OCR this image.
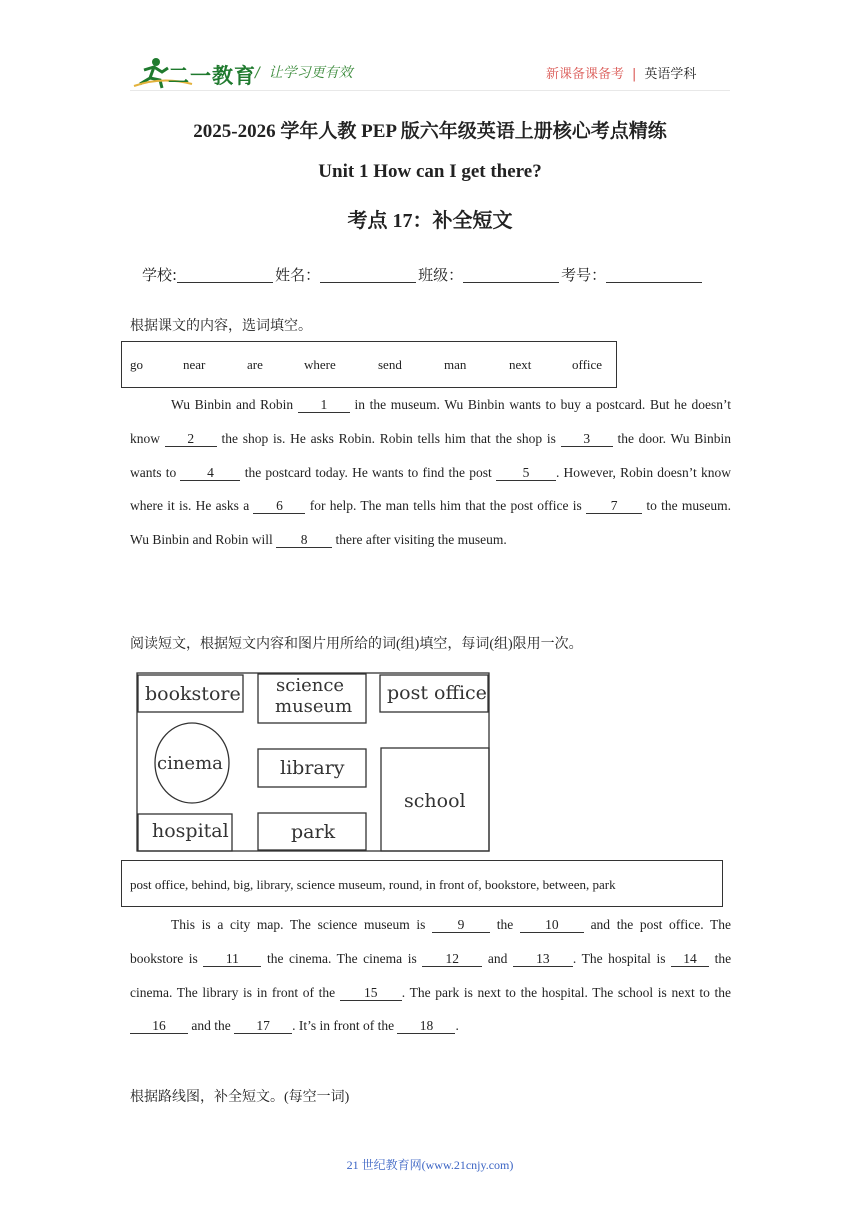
二一教育 /  让学习更有效	新课备课备考 | 英语学科
2025-2026 学年人教 PEP 版六年级英语上册核心考点精练
Unit 1 How can I get there?
考点 17：补全短文
学校:	姓名：	班级：	考号：
根据课文的内容，选词填空。
go	near	are	where	send	man	next	office
Wu Binbin and Robin 1 in the museum. Wu Binbin wants to buy a postcard. But he doesn’t know 2 the shop is. He asks Robin. Robin tells him that the shop is 3 the door. Wu Binbin wants to 4 the postcard today. He wants to find the post 5 . However, Robin doesn’t know where it is. He asks a 6 for help. The man tells him that the post office is 7 to the museum. Wu Binbin and Robin will 8 there after visiting the museum.
阅读短文，根据短文内容和图片用所给的词(组)填空，每词(组)限用一次。
bookstore science
museum
post office
cinema	library
school
hospital	park
post office, behind, big, library, science museum, round, in front of, bookstore, between, park
This is a city map. The science museum is 9 the 10 and the post office. The bookstore is 11 the cinema. The cinema is 12 and 13 . The hospital is 14 the cinema. The library is in front of the 15 . The park is next to the hospital. The school is next to the 16 and the 17 . It’s in front of the 18 .
根据路线图，补全短文。(每空一词)
21 世纪教育网(www.21cnjy.com)
